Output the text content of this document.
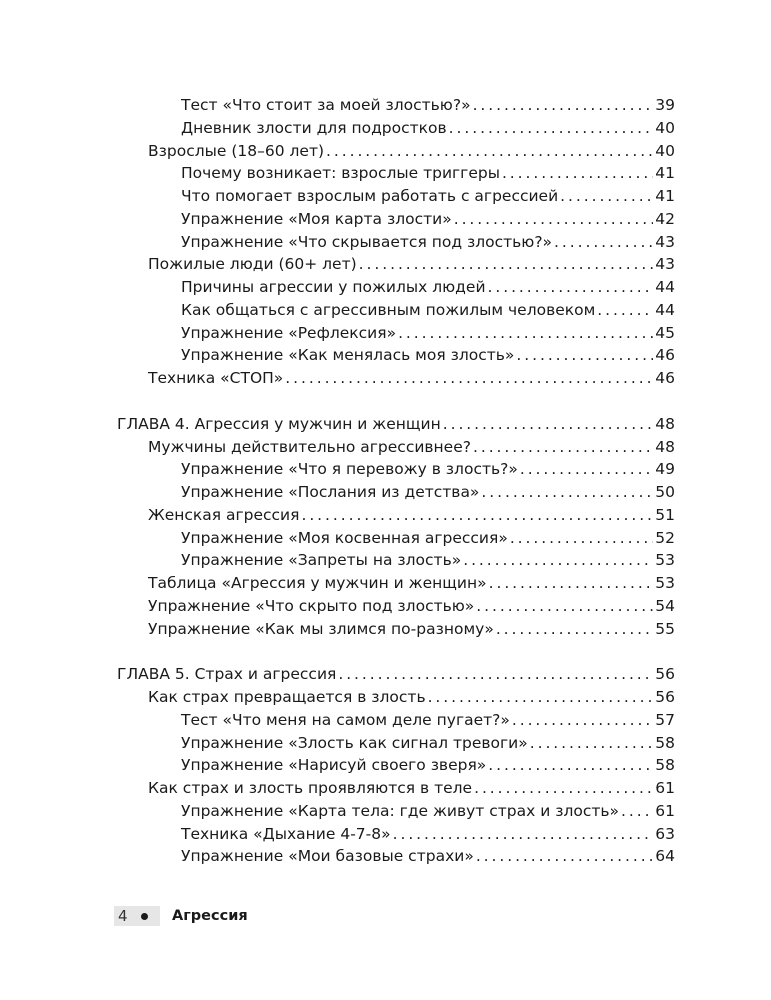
Тест «Что стоит за моей злостью?» . . .	39
Дневник злости для подростков . . .	40
Взрослые (18–60 лет) . . .	40
Почему возникает: взрослые триггеры . . .	41
Что помогает взрослым работать с агрессией . . .	41
Упражнение «Моя карта злости» . . .	42
Упражнение «Что скрывается под злостью?» . . .	43
Пожилые люди (60+ лет) . . .	43
Причины агрессии у пожилых людей . . .	44
Как общаться с агрессивным пожилым человеком . . .	44
Упражнение «Рефлексия» . . .	45
Упражнение «Как менялась моя злость» . . .	46
Техника «СТОП» . . .	46
ГЛАВА 4. Агрессия у мужчин и женщин . . .	48
Мужчины действительно агрессивнее? . . .	48
Упражнение «Что я перевожу в злость?» . . .	49
Упражнение «Послания из детства» . . .	50
Женская агрессия . . .	51
Упражнение «Моя косвенная агрессия» . . .	52
Упражнение «Запреты на злость» . . .	53
Таблица «Агрессия у мужчин и женщин» . . .	53
Упражнение «Что скрыто под злостью» . . .	54
Упражнение «Как мы злимся по-разному» . . .	55
ГЛАВА 5. Страх и агрессия . . .	56
Как страх превращается в злость . . .	56
Тест «Что меня на самом деле пугает?» . . .	57
Упражнение «Злость как сигнал тревоги» . . .	58
Упражнение «Нарисуй своего зверя» . . .	58
Как страх и злость проявляются в теле . . .	61
Упражнение «Карта тела: где живут страх и злость» . . . 61
Техника «Дыхание 4-7-8» . . .	63
Упражнение «Мои базовые страхи» . . .	64
4	Агрессия
